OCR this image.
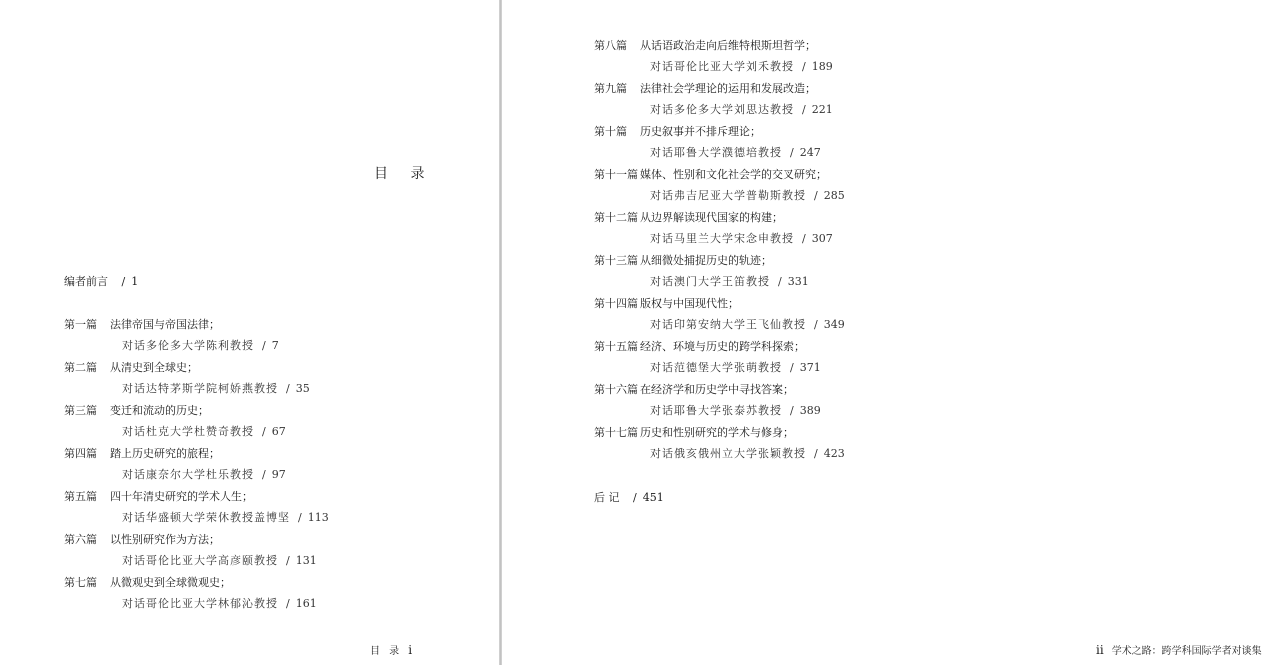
目 录
编者前言 / 1
第一篇 法律帝国与帝国法律；
对话多伦多大学陈利教授 / 7
第二篇 从清史到全球史；
对话达特茅斯学院柯娇燕教授 / 35
第三篇 变迁和流动的历史；
对话杜克大学杜赞奇教授 / 67
第四篇 踏上历史研究的旅程；
对话康奈尔大学杜乐教授 / 97
第五篇 四十年清史研究的学术人生；
对话华盛顿大学荣休教授盖博坚 / 113
第六篇 以性别研究作为方法；
对话哥伦比亚大学高彦颐教授 / 131
第七篇 从微观史到全球微观史；
对话哥伦比亚大学林郁沁教授 / 161
目 录 i
第八篇 从话语政治走向后维特根斯坦哲学；
对话哥伦比亚大学刘禾教授 / 189
第九篇 法律社会学理论的运用和发展改造；
对话多伦多大学刘思达教授 / 221
第十篇 历史叙事并不排斥理论；
对话耶鲁大学濮德培教授 / 247
第十一篇 媒体、性别和文化社会学的交叉研究；
对话弗吉尼亚大学普勒斯教授 / 285
第十二篇 从边界解读现代国家的构建；
对话马里兰大学宋念申教授 / 307
第十三篇 从细微处捕捉历史的轨迹；
对话澳门大学王笛教授 / 331
第十四篇 版权与中国现代性；
对话印第安纳大学王飞仙教授 / 349
第十五篇 经济、环境与历史的跨学科探索；
对话范德堡大学张萌教授 / 371
第十六篇 在经济学和历史学中寻找答案；
对话耶鲁大学张泰苏教授 / 389
第十七篇 历史和性别研究的学术与修身；
对话俄亥俄州立大学张颖教授 / 423
后 记 / 451
ii 学术之路：跨学科国际学者对谈集
